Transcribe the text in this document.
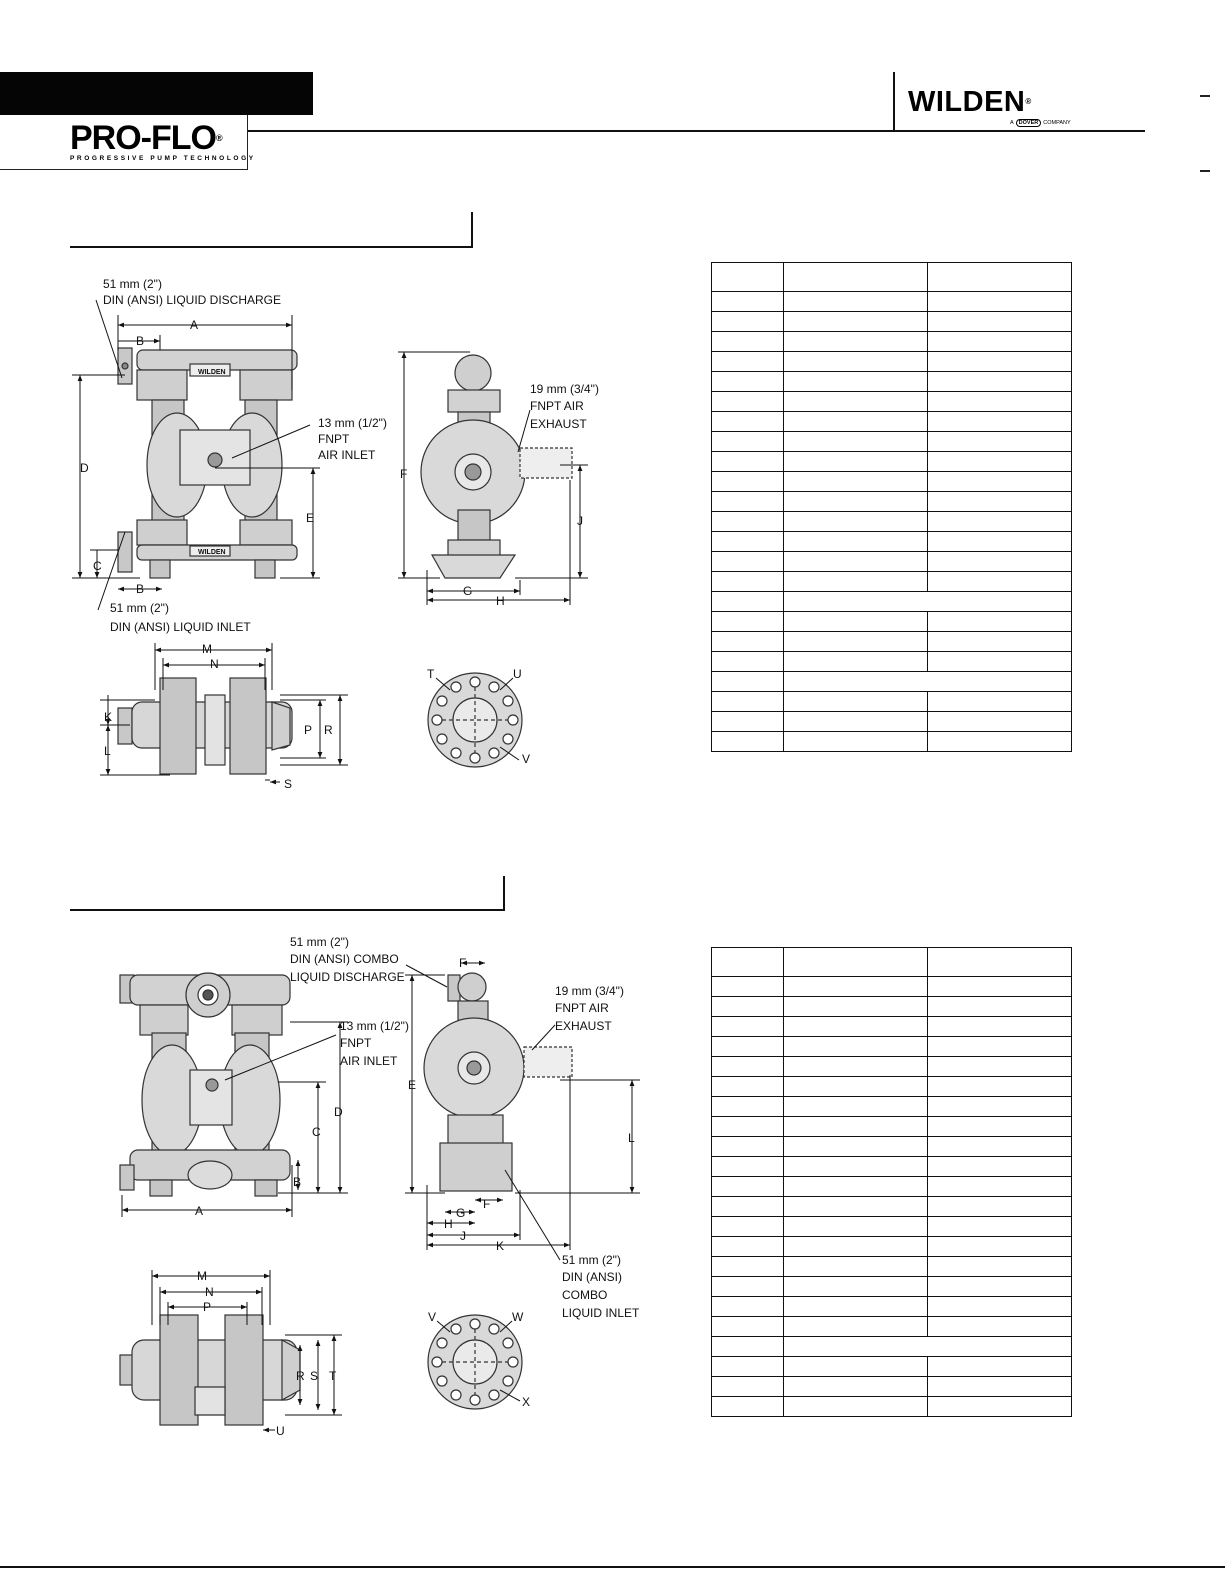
PRO-FLO®
PROGRESSIVE PUMP TECHNOLOGY
WILDEN®
A DOVER COMPANY
WILDEN
WILDEN
A
B
D
C
E
B
51 mm (2")
DIN (ANSI) LIQUID DISCHARGE
13 mm (1/2")
FNPT
AIR INLET
51 mm (2")
DIN (ANSI) LIQUID INLET
F
J
G
H
19 mm (3/4")
FNPT AIR
EXHAUST
M
N
K
L
P R
S
T	U
V

A
B
C
D
13 mm (1/2")
FNPT
AIR INLET
E
F
L
F
G
H
J
K
51 mm (2")
DIN (ANSI) COMBO
LIQUID DISCHARGE
19 mm (3/4")
FNPT AIR
EXHAUST
51 mm (2")
DIN (ANSI)
COMBO
LIQUID INLET
M
N
P
R S T
U
V	W
X
